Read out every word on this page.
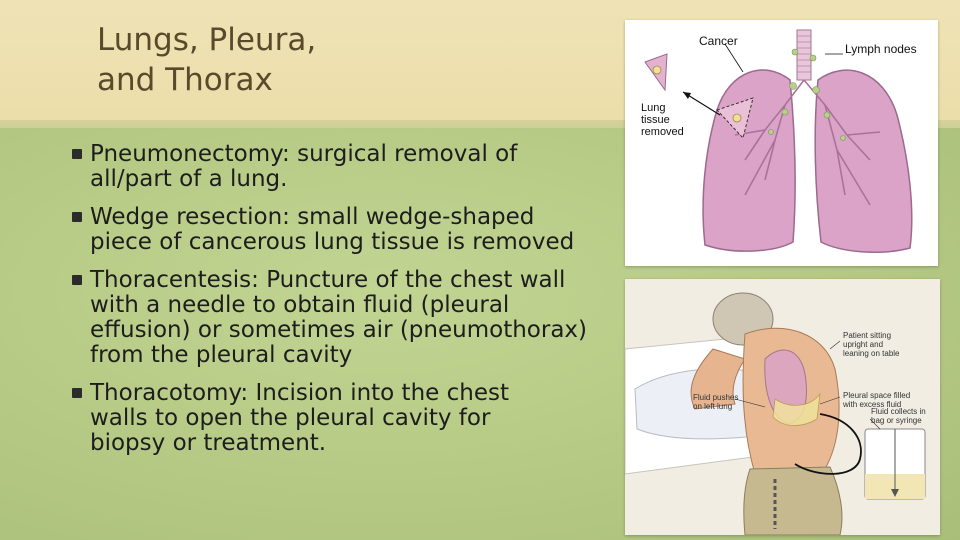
Lungs, Pleura,
and Thorax
Pneumonectomy: surgical removal of all/part of a lung.
Wedge resection: small wedge-shaped piece of cancerous lung tissue is removed
Thoracentesis: Puncture of the chest wall with a needle to obtain fluid (pleural effusion) or sometimes air (pneumothorax) from the pleural cavity
Thoracotomy: Incision into the chest walls to open the pleural cavity for biopsy or treatment.
Cancer
Lymph nodes
Lung
tissue
removed
Patient sitting
upright and
leaning on table
Pleural space filled
with excess fluid
Fluid pushes
on left lung
Fluid collects in
bag or syringe
